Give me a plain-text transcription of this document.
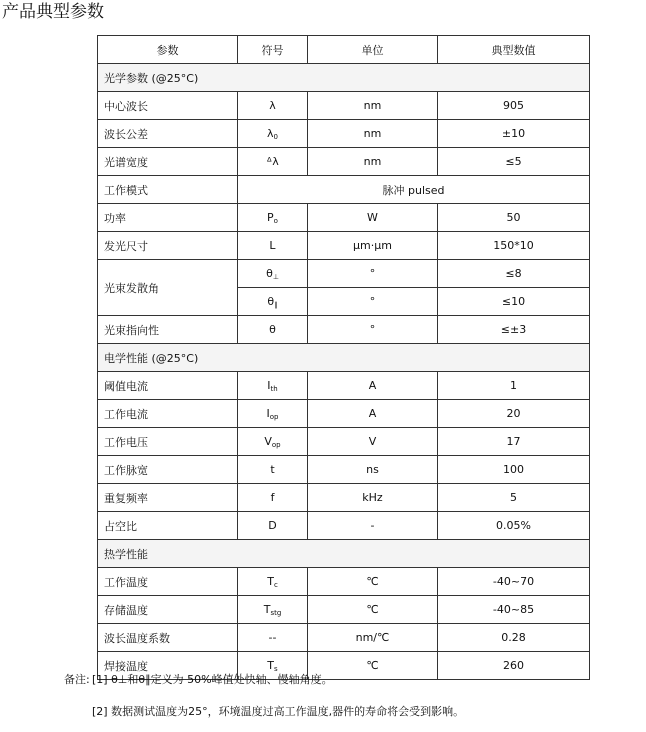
产品典型参数
参数	符号	单位	典型数值
光学参数 (@25°C)			
中心波长	λ	nm	905
波长公差	$\lambda_0$	nm	±10
光谱宽度	ᐞλ	nm	≤5
工作模式	脉冲 pulsed		
功率	$P_o$	W	50
发光尺寸	L	μm·μm	150*10
光束发散角	$\theta_\perp$	°	≤8
	$\theta_\parallel$	°	≤10
光束指向性	θ	°	≤±3
电学性能 (@25°C)			
阈值电流	$I_{th}$	A	1
工作电流	$I_{op}$	A	20
工作电压	$V_{op}$	V	17
工作脉宽	t	ns	100
重复频率	f	kHz	5
占空比	D	-	0.05%
热学性能			
工作温度	$T_c$	℃	-40~70
存储温度	$T_{stg}$	℃	-40~85
波长温度系数	--	nm/℃	0.28
焊接温度	$T_s$	℃	260
备注: [1] θ⊥和θ∥定义为 50%峰值处快轴、慢轴角度。
[2] 数据测试温度为25°，环境温度过高工作温度,器件的寿命将会受到影响。
